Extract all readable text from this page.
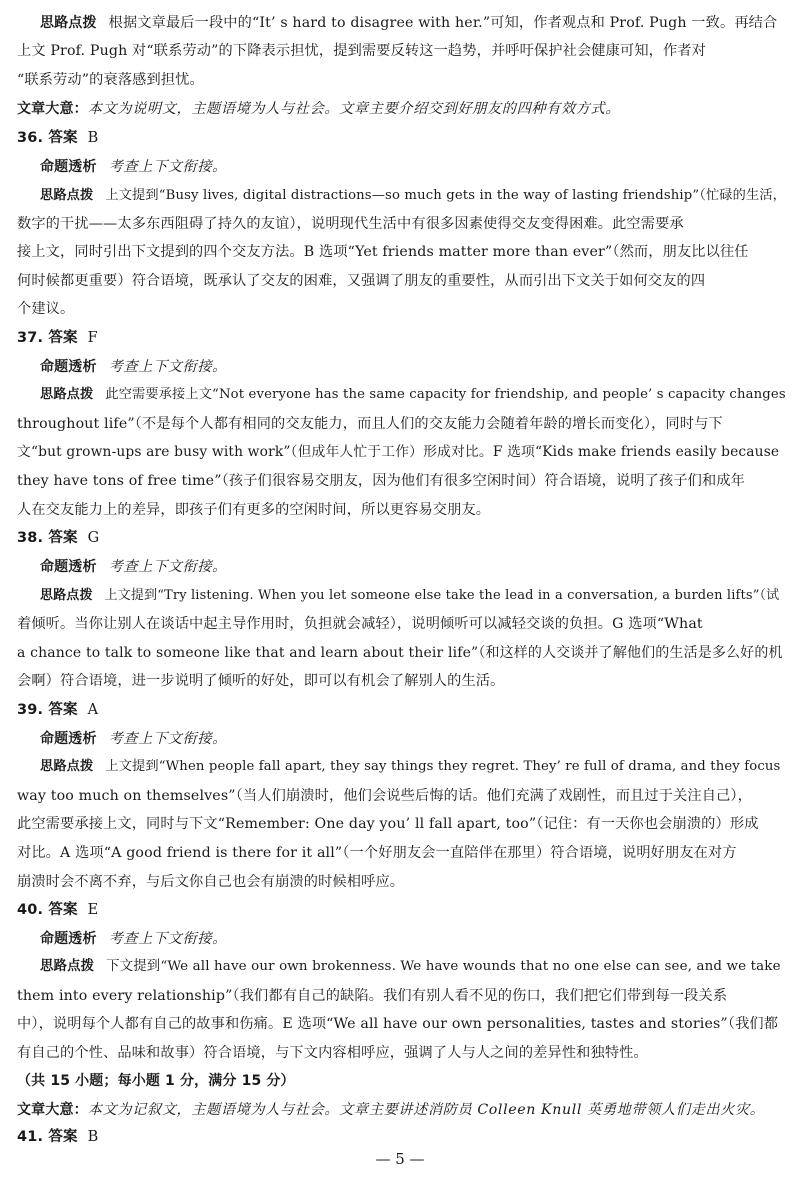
思路点拨 根据文章最后一段中的“It’ s hard to disagree with her.”可知，作者观点和 Prof. Pugh 一致。再结合
上文 Prof. Pugh 对“联系劳动”的下降表示担忧，提到需要反转这一趋势，并呼吁保护社会健康可知，作者对
“联系劳动”的衰落感到担忧。
文章大意：本文为说明文，主题语境为人与社会。文章主要介绍交到好朋友的四种有效方式。
36. 答案 B
命题透析 考查上下文衔接。
思路点拨 上文提到“Busy lives, digital distractions—so much gets in the way of lasting friendship”（忙碌的生活，
数字的干扰——太多东西阻碍了持久的友谊），说明现代生活中有很多因素使得交友变得困难。此空需要承
接上文，同时引出下文提到的四个交友方法。B 选项“Yet friends matter more than ever”（然而，朋友比以往任
何时候都更重要）符合语境，既承认了交友的困难，又强调了朋友的重要性，从而引出下文关于如何交友的四
个建议。
37. 答案 F
命题透析 考查上下文衔接。
思路点拨 此空需要承接上文“Not everyone has the same capacity for friendship, and people’ s capacity changes
throughout life”（不是每个人都有相同的交友能力，而且人们的交友能力会随着年龄的增长而变化），同时与下
文“but grown-ups are busy with work”（但成年人忙于工作）形成对比。F 选项“Kids make friends easily because
they have tons of free time”（孩子们很容易交朋友，因为他们有很多空闲时间）符合语境，说明了孩子们和成年
人在交友能力上的差异，即孩子们有更多的空闲时间，所以更容易交朋友。
38. 答案 G
命题透析 考查上下文衔接。
思路点拨 上文提到“Try listening. When you let someone else take the lead in a conversation, a burden lifts”（试
着倾听。当你让别人在谈话中起主导作用时，负担就会减轻），说明倾听可以减轻交谈的负担。G 选项“What
a chance to talk to someone like that and learn about their life”（和这样的人交谈并了解他们的生活是多么好的机
会啊）符合语境，进一步说明了倾听的好处，即可以有机会了解别人的生活。
39. 答案 A
命题透析 考查上下文衔接。
思路点拨 上文提到“When people fall apart, they say things they regret. They’ re full of drama, and they focus
way too much on themselves”（当人们崩溃时，他们会说些后悔的话。他们充满了戏剧性，而且过于关注自己），
此空需要承接上文，同时与下文“Remember: One day you’ ll fall apart, too”（记住：有一天你也会崩溃的）形成
对比。A 选项“A good friend is there for it all”（一个好朋友会一直陪伴在那里）符合语境，说明好朋友在对方
崩溃时会不离不弃，与后文你自己也会有崩溃的时候相呼应。
40. 答案 E
命题透析 考查上下文衔接。
思路点拨 下文提到“We all have our own brokenness. We have wounds that no one else can see, and we take
them into every relationship”（我们都有自己的缺陷。我们有别人看不见的伤口，我们把它们带到每一段关系
中），说明每个人都有自己的故事和伤痛。E 选项“We all have our own personalities, tastes and stories”（我们都
有自己的个性、品味和故事）符合语境，与下文内容相呼应，强调了人与人之间的差异性和独特性。
（共 15 小题；每小题 1 分，满分 15 分）
文章大意：本文为记叙文，主题语境为人与社会。文章主要讲述消防员 Colleen Knull 英勇地带领人们走出火灾。
41. 答案 B
— 5 —
